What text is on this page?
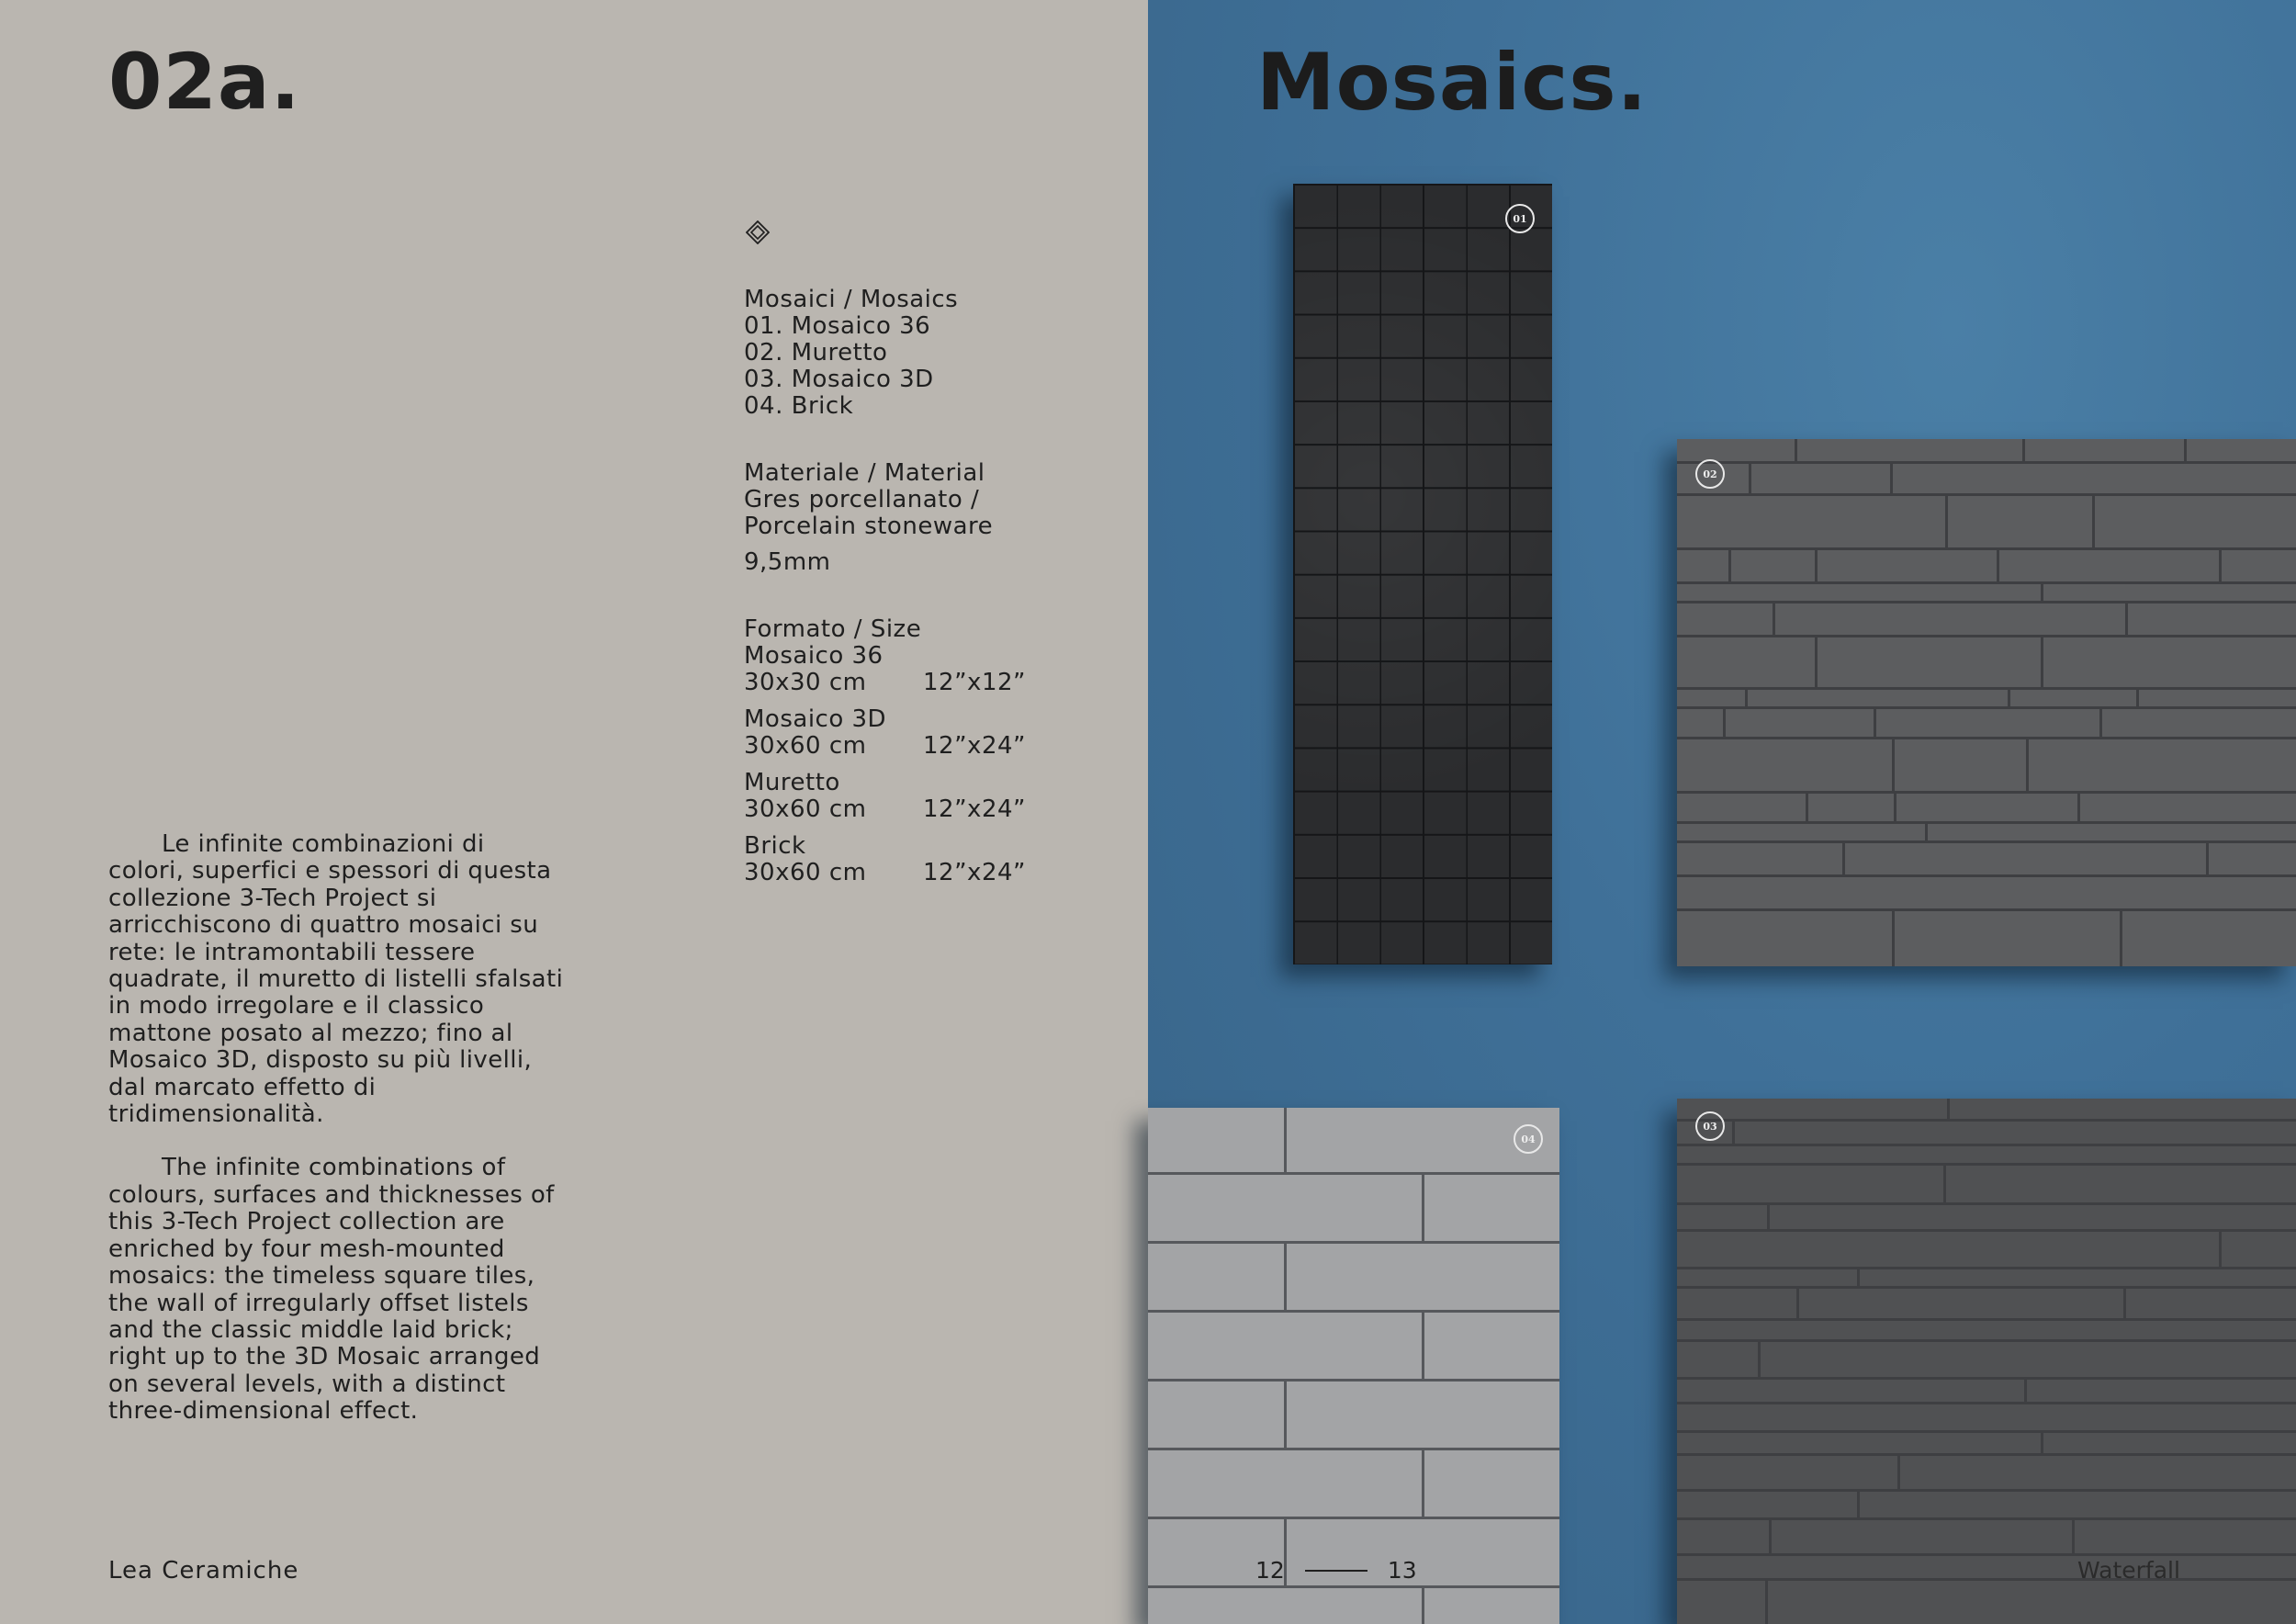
02a.

Mosaici / Mosaics

01. Mosaico 36

02. Muretto

03. Mosaico 3D

04. Brick

Materiale / Material

Gres porcellanato /

Porcelain stoneware

9,5mm

Formato / Size

Mosaico 36

30x30 cm	12”x12”

Mosaico 3D

30x60 cm	12”x24”

Muretto

30x60 cm	12”x24”

Brick

30x60 cm	12”x24”

Le infinite combinazioni di colori, superfici e spessori di questa collezione 3-Tech Project si arricchiscono di quattro mosaici su rete: le intramontabili tessere quadrate, il muretto di listelli sfalsati in modo irregolare e il classico mattone posato al mezzo; fino al Mosaico 3D, disposto su più livelli, dal marcato effetto di tridimensionalità.

The infinite combinations of colours, surfaces and thicknesses of this 3-Tech Project collection are enriched by four mesh-mounted mosaics: the timeless square tiles, the wall of irregularly offset listels and the classic middle laid brick; right up to the 3D Mosaic arranged on several levels, with a distinct three-dimensional effect.

Lea Ceramiche
Mosaics.
01
02
03
04
12	13	Waterfall
